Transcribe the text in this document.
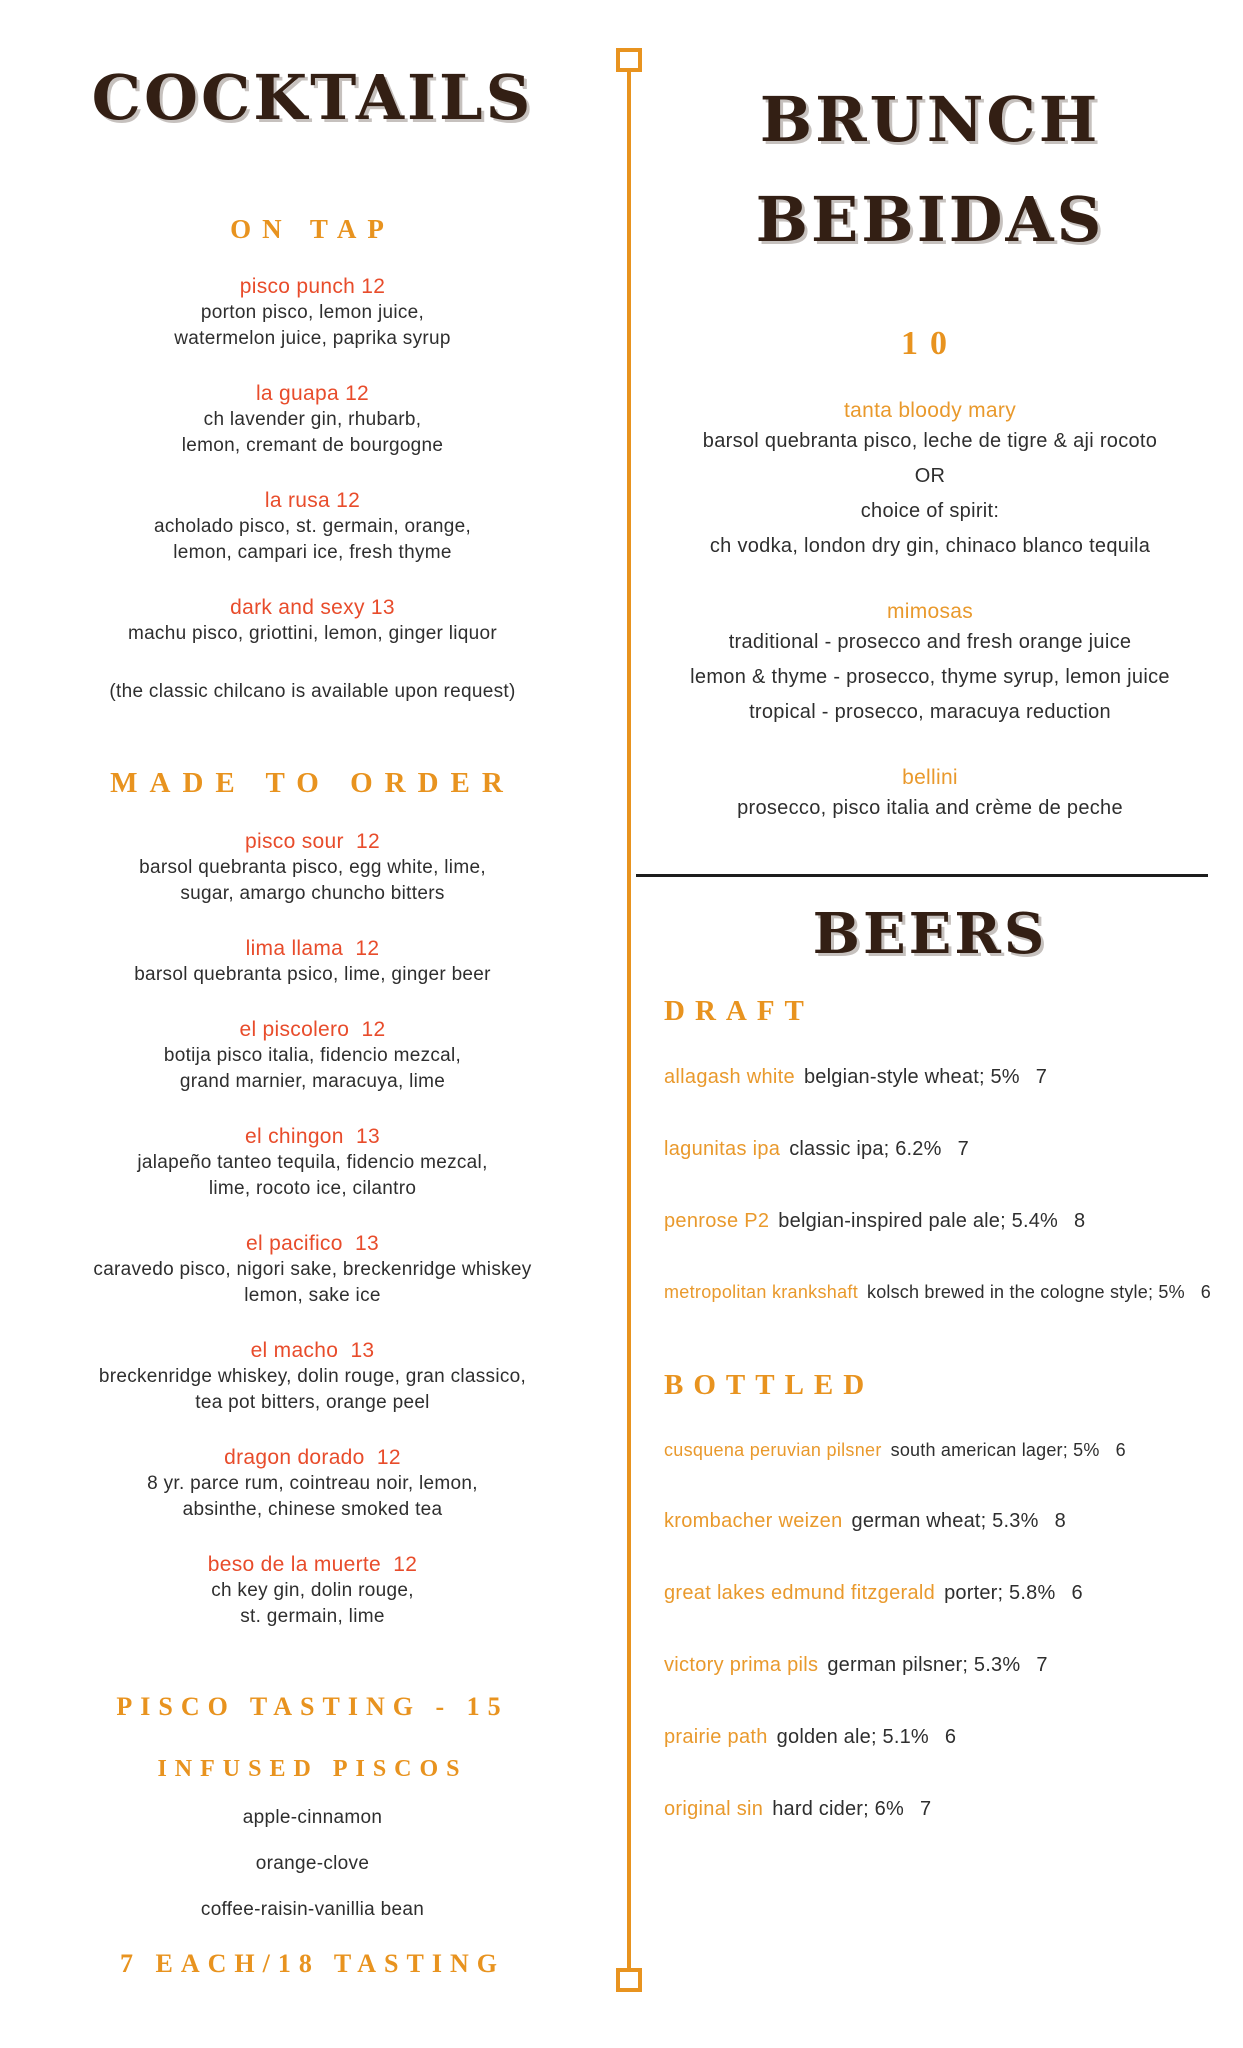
COCKTAILS
ON TAP
pisco punch 12
porton pisco, lemon juice,
watermelon juice, paprika syrup
la guapa 12
ch lavender gin, rhubarb,
lemon, cremant de bourgogne
la rusa 12
acholado pisco, st. germain, orange,
lemon, campari ice, fresh thyme
dark and sexy 13
machu pisco, griottini, lemon, ginger liquor
(the classic chilcano is available upon request)
MADE TO ORDER
pisco sour  12
barsol quebranta pisco, egg white, lime,
sugar, amargo chuncho bitters
lima llama  12
barsol quebranta psico, lime, ginger beer
el piscolero  12
botija pisco italia, fidencio mezcal,
grand marnier, maracuya, lime
el chingon  13
jalapeño tanteo tequila, fidencio mezcal,
lime, rocoto ice, cilantro
el pacifico  13
caravedo pisco, nigori sake, breckenridge whiskey
lemon, sake ice
el macho  13
breckenridge whiskey, dolin rouge, gran classico,
tea pot bitters, orange peel
dragon dorado  12
8 yr. parce rum, cointreau noir, lemon,
absinthe, chinese smoked tea
beso de la muerte  12
ch key gin, dolin rouge,
st. germain, lime
PISCO TASTING - 15
INFUSED PISCOS
apple-cinnamon
orange-clove
coffee-raisin-vanillia bean
7 EACH/18 TASTING
BRUNCH
BEBIDAS
10
tanta bloody mary
barsol quebranta pisco, leche de tigre & aji rocoto
OR
choice of spirit:
ch vodka, london dry gin, chinaco blanco tequila
mimosas
traditional - prosecco and fresh orange juice
lemon & thyme - prosecco, thyme syrup, lemon juice
tropical - prosecco, maracuya reduction
bellini
prosecco, pisco italia and crème de peche
BEERS
DRAFT
allagash white belgian-style wheat; 5% 7
lagunitas ipa classic ipa; 6.2% 7
penrose P2 belgian-inspired pale ale; 5.4% 8
metropolitan krankshaft kolsch brewed in the cologne style; 5% 6
BOTTLED
cusquena peruvian pilsner south american lager; 5% 6
krombacher weizen german wheat; 5.3% 8
great lakes edmund fitzgerald porter; 5.8% 6
victory prima pils german pilsner; 5.3% 7
prairie path golden ale; 5.1% 6
original sin hard cider; 6% 7
